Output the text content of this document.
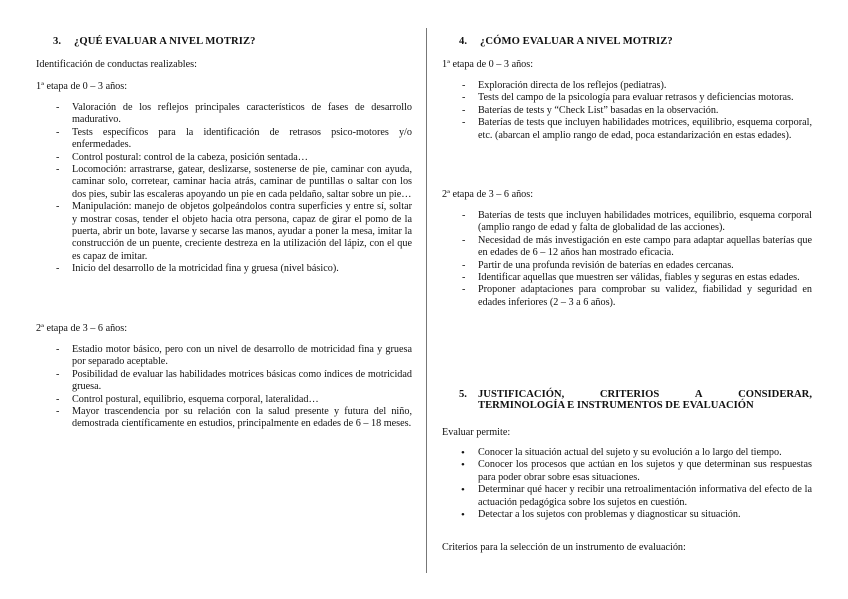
3. ¿QUÉ EVALUAR A NIVEL MOTRIZ?
Identificación de conductas realizables:
1ª etapa de 0 – 3 años:
- Valoración de los reflejos principales característicos de fases de desarrollo madurativo.
- Tests específicos para la identificación de retrasos psico-motores y/o enfermedades.
- Control postural: control de la cabeza, posición sentada…
- Locomoción: arrastrarse, gatear, deslizarse, sostenerse de pie, caminar con ayuda, caminar solo, corretear, caminar hacia atrás, caminar de puntillas o saltar con los dos pies, subir las escaleras apoyando un pie en cada peldaño, saltar sobre un pie…
- Manipulación: manejo de objetos golpeándolos contra superficies y entre sí, soltar y mostrar cosas, tender el objeto hacia otra persona, capaz de girar el pomo de la puerta, abrir un bote, lavarse y secarse las manos, ayudar a poner la mesa, imitar la construcción de un puente, creciente destreza en la utilización del lápiz, con el que es capaz de imitar.
- Inicio del desarrollo de la motricidad fina y gruesa (nivel básico).
2ª etapa de 3 – 6 años:
- Estadio motor básico, pero con un nivel de desarrollo de motricidad fina y gruesa por separado aceptable.
- Posibilidad de evaluar las habilidades motrices básicas como índices de motricidad gruesa.
- Control postural, equilibrio, esquema corporal, lateralidad…
- Mayor trascendencia por su relación con la salud presente y futura del niño, demostrada científicamente en estudios, principalmente en edades de 6 – 18 meses.
4. ¿CÓMO EVALUAR A NIVEL MOTRIZ?
1ª etapa de 0 – 3 años:
- Exploración directa de los reflejos (pediatras).
- Tests del campo de la psicología para evaluar retrasos y deficiencias motoras.
- Baterías de tests y “Check List” basadas en la observación.
- Baterías de tests que incluyen habilidades motrices, equilibrio, esquema corporal, etc. (abarcan el amplio rango de edad, poca estandarización en estas edades).
2ª etapa de 3 – 6 años:
- Baterías de tests que incluyen habilidades motrices, equilibrio, esquema corporal (amplio rango de edad y falta de globalidad de las acciones).
- Necesidad de más investigación en este campo para adaptar aquellas baterías que en edades de 6 – 12 años han mostrado eficacia.
- Partir de una profunda revisión de baterías en edades cercanas.
- Identificar aquellas que muestren ser válidas, fiables y seguras en estas edades.
- Proponer adaptaciones para comprobar su validez, fiabilidad y seguridad en edades inferiores (2 – 3 a 6 años).
5. JUSTIFICACIÓN,	CRITERIOS	A	CONSIDERAR,
TERMINOLOGÍA E INSTRUMENTOS DE EVALUACIÓN
Evaluar permite:
• Conocer la situación actual del sujeto y su evolución a lo largo del tiempo.
• Conocer los procesos que actúan en los sujetos y que determinan sus respuestas para poder obrar sobre esas situaciones.
• Determinar qué hacer y recibir una retroalimentación informativa del efecto de la actuación pedagógica sobre los sujetos en cuestión.
• Detectar a los sujetos con problemas y diagnosticar su situación.
Criterios para la selección de un instrumento de evaluación:
